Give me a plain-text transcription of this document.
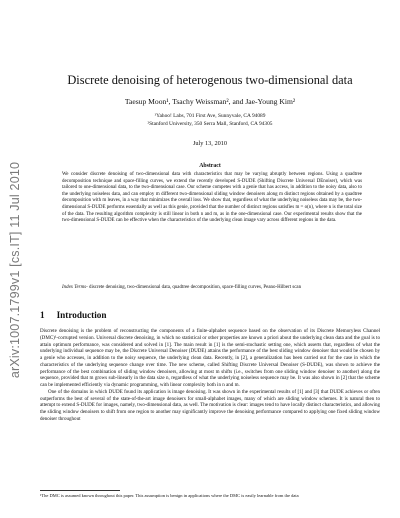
arXiv:1007.1799v1 [cs.IT] 11 Jul 2010
Discrete denoising of heterogenous two-dimensional data
Taesup Moon¹, Tsachy Weissman², and Jae-Young Kim²
¹Yahoo! Labs, 701 First Ave, Sunnyvale, CA 94089
²Stanford University, 350 Serra Mall, Stanford, CA 94305
July 13, 2010
Abstract
We consider discrete denoising of two-dimensional data with characteristics that may be varying abruptly between regions. Using a quadtree decomposition technique and space-filling curves, we extend the recently developed S-DUDE (Shifting Discrete Universal DEnoiser), which was tailored to one-dimensional data, to the two-dimensional case. Our scheme competes with a genie that has access, in addition to the noisy data, also to the underlying noiseless data, and can employ m different two-dimensional sliding window denoisers along m distinct regions obtained by a quadtree decomposition with m leaves, in a way that minimizes the overall loss. We show that, regardless of what the underlying noiseless data may be, the two-dimensional S-DUDE performs essentially as well as this genie, provided that the number of distinct regions satisfies m = o(n), where n is the total size of the data. The resulting algorithm complexity is still linear in both n and m, as in the one-dimensional case. Our experimental results show that the two-dimensional S-DUDE can be effective when the characteristics of the underlying clean image vary across different regions in the data.
Index Terms- discrete denoising, two-dimensional data, quadtree decomposition, space-filling curves, Peano-Hilbert scan
1 Introduction

Discrete denoising is the problem of reconstructing the components of a finite-alphabet sequence based on the observation of its Discrete Memoryless Channel (DMC)¹-corrupted version. Universal discrete denoising, in which no statistical or other properties are known a priori about the underlying clean data and the goal is to attain optimum performance, was considered and solved in [1]. The main result in [1] is the semi-stochastic setting one, which asserts that, regardless of what the underlying individual sequence may be, the Discrete Universal Denoiser (DUDE) attains the performance of the best sliding window denoiser that would be chosen by a genie who accesses, in addition to the noisy sequence, the underlying clean data. Recently, in [2], a generalization has been carried out for the case in which the characteristics of the underlying sequence change over time. The new scheme, called Shifting Discrete Universal Denoiser (S-DUDE), was shown to achieve the performance of the best combination of sliding window denoisers, allowing at most m shifts (i.e., switches from one sliding window denoiser to another) along the sequence, provided that m grows sub-linearly in the data size n, regardless of what the underlying noiseless sequence may be. It was also shown in [2] that the scheme can be implemented efficiently via dynamic programming, with linear complexity both in n and m.

One of the domains in which DUDE found its application is image denoising. It was shown in the experimental results of [1] and [3] that DUDE achieves or often outperforms the best of several of the state-of-the-art image denoisers for small-alphabet images, many of which are sliding window schemes. It is natural then to attempt to extend S-DUDE for images, namely, two-dimensional data, as well. The motivation is clear: images tend to have locally distinct characteristics, and allowing the sliding window denoisers to shift from one region to another may significantly improve the denoising performance compared to applying one fixed sliding window denoiser throughout

¹The DMC is assumed known throughout this paper. This assumption is benign in applications where the DMC is easily learnable from the data
